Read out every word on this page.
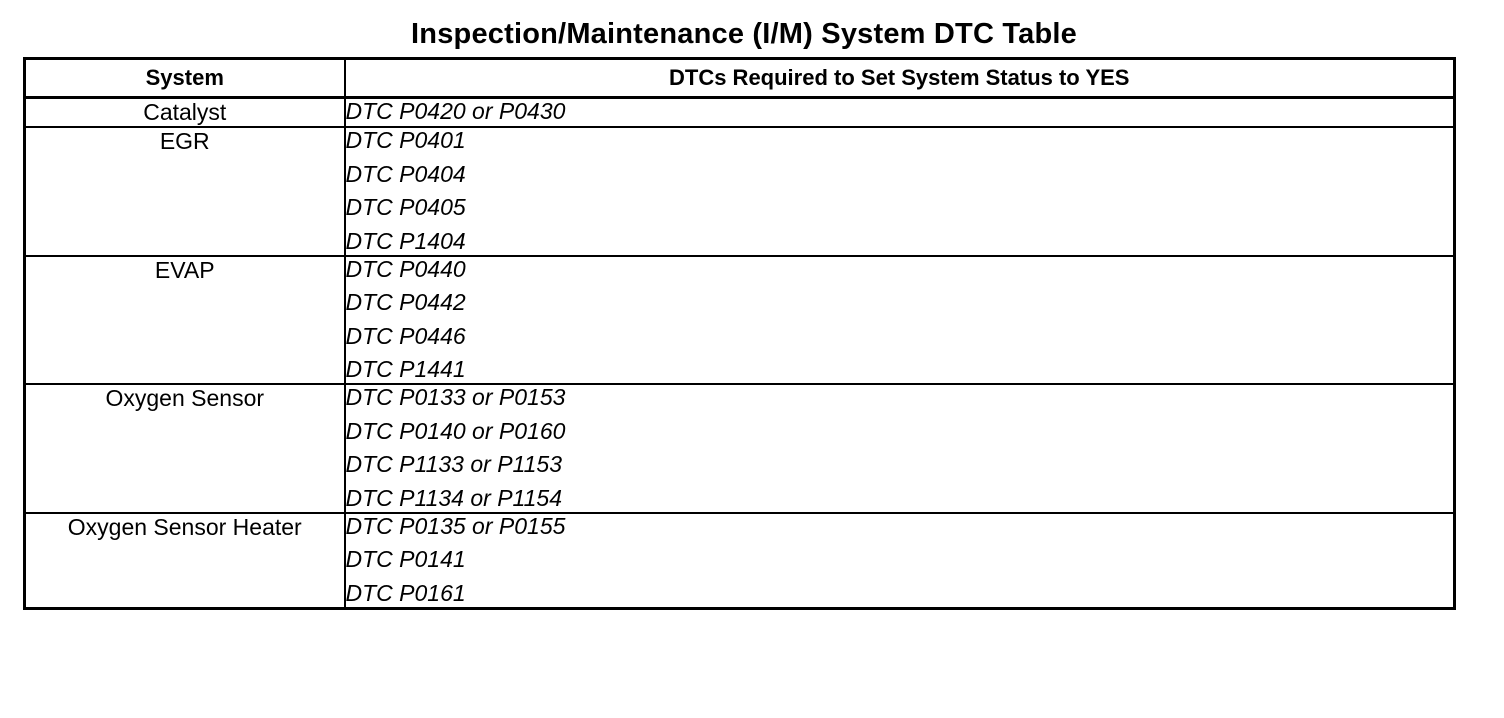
Inspection/Maintenance (I/M) System DTC Table
System	DTCs Required to Set System Status to YES
Catalyst	DTC P0420 or P0430

EGR	DTC P0401
DTC P0404
DTC P0405
DTC P1404

EVAP	DTC P0440
DTC P0442
DTC P0446
DTC P1441

Oxygen Sensor	DTC P0133 or P0153
DTC P0140 or P0160
DTC P1133 or P1153
DTC P1134 or P1154

Oxygen Sensor Heater	DTC P0135 or P0155
DTC P0141
DTC P0161
